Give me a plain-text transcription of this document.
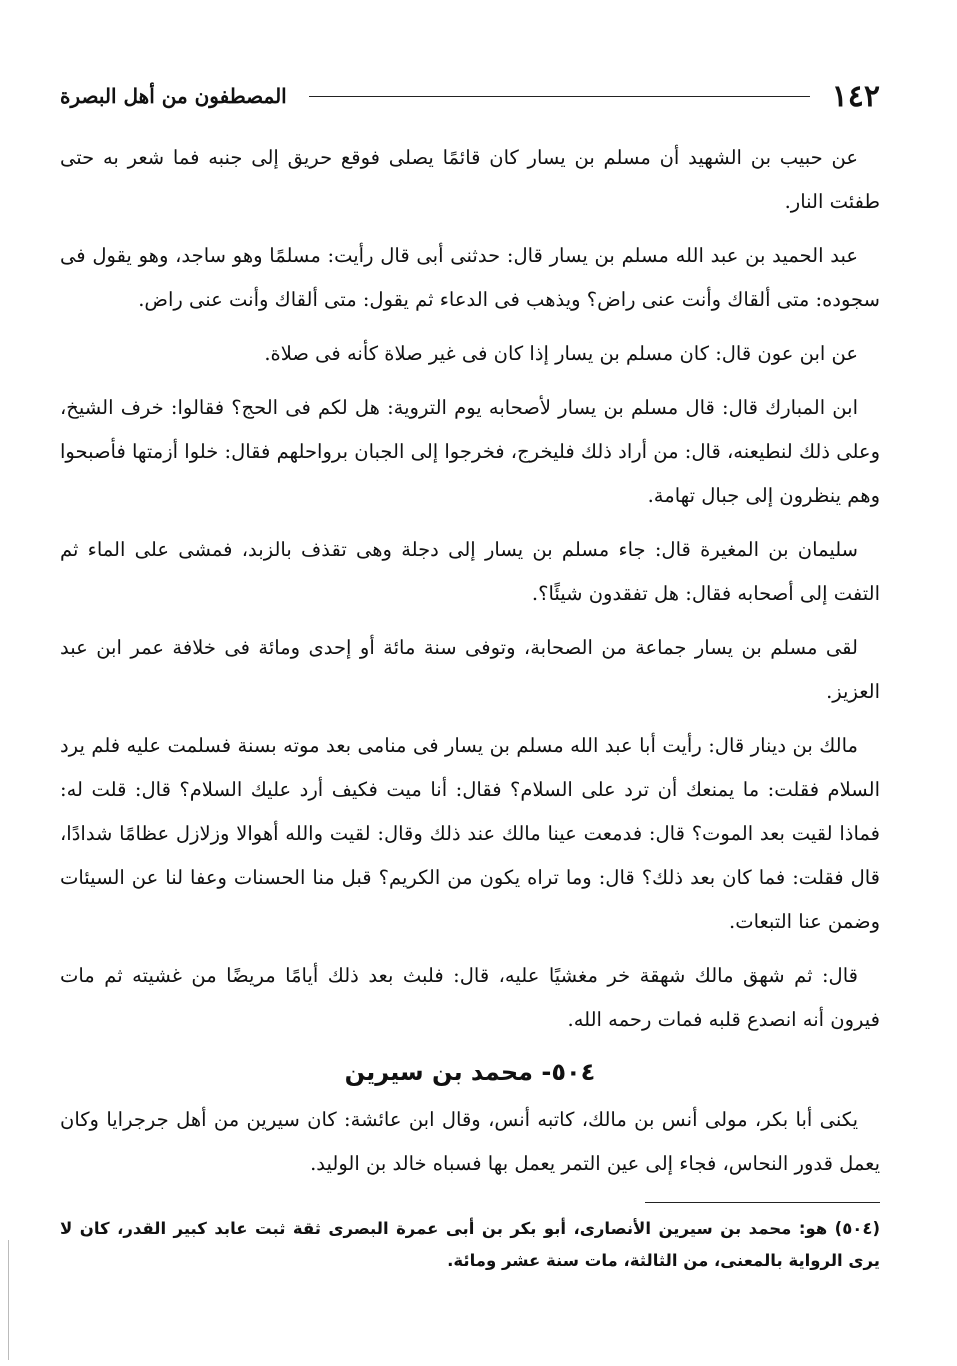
١٤٢
المصطفون من أهل البصرة

عن حبيب بن الشهيد أن مسلم بن يسار كان قائمًا يصلى فوقع حريق إلى جنبه فما شعر به حتى طفئت النار.

عبد الحميد بن عبد الله مسلم بن يسار قال: حدثنى أبى قال رأيت: مسلمًا وهو ساجد، وهو يقول فى سجوده: متى ألقاك وأنت عنى راض؟ ويذهب فى الدعاء ثم يقول: متى ألقاك وأنت عنى راض.

عن ابن عون قال: كان مسلم بن يسار إذا كان فى غير صلاة كأنه فى صلاة.

ابن المبارك قال: قال مسلم بن يسار لأصحابه يوم التروية: هل لكم فى الحج؟ فقالوا: خرف الشيخ، وعلى ذلك لنطيعنه، قال: من أراد ذلك فليخرج، فخرجوا إلى الجبان برواحلهم فقال: خلوا أزمتها فأصبحوا وهم ينظرون إلى جبال تهامة.

سليمان بن المغيرة قال: جاء مسلم بن يسار إلى دجلة وهى تقذف بالزبد، فمشى على الماء ثم التفت إلى أصحابه فقال: هل تفقدون شيئًا؟.

لقى مسلم بن يسار جماعة من الصحابة، وتوفى سنة مائة أو إحدى ومائة فى خلافة عمر ابن عبد العزيز.

مالك بن دينار قال: رأيت أبا عبد الله مسلم بن يسار فى منامى بعد موته بسنة فسلمت عليه فلم يرد السلام فقلت: ما يمنعك أن ترد على السلام؟ فقال: أنا ميت فكيف أرد عليك السلام؟ قال: قلت له: فماذا لقيت بعد الموت؟ قال: فدمعت عينا مالك عند ذلك وقال: لقيت والله أهوالا وزلازل عظامًا شدادًا، قال فقلت: فما كان بعد ذلك؟ قال: وما تراه يكون من الكريم؟ قبل منا الحسنات وعفا لنا عن السيئات وضمن عنا التبعات.

قال: ثم شهق مالك شهقة خر مغشيًا عليه، قال: فلبث بعد ذلك أيامًا مريضًا من غشيته ثم مات فيرون أنه انصدع قلبه فمات رحمه الله.

٥٠٤- محمد بن سيرين

يكنى أبا بكر، مولى أنس بن مالك، كاتبه أنس، وقال ابن عائشة: كان سيرين من أهل جرجرايا وكان يعمل قدور النحاس، فجاء إلى عين التمر يعمل بها فسباه خالد بن الوليد.

(٥٠٤) هو: محمد بن سيرين الأنصارى، أبو بكر بن أبى عمرة البصرى ثقة ثبت عابد كبير القدر، كان لا يرى الرواية بالمعنى، من الثالثة، مات سنة عشر ومائة.
